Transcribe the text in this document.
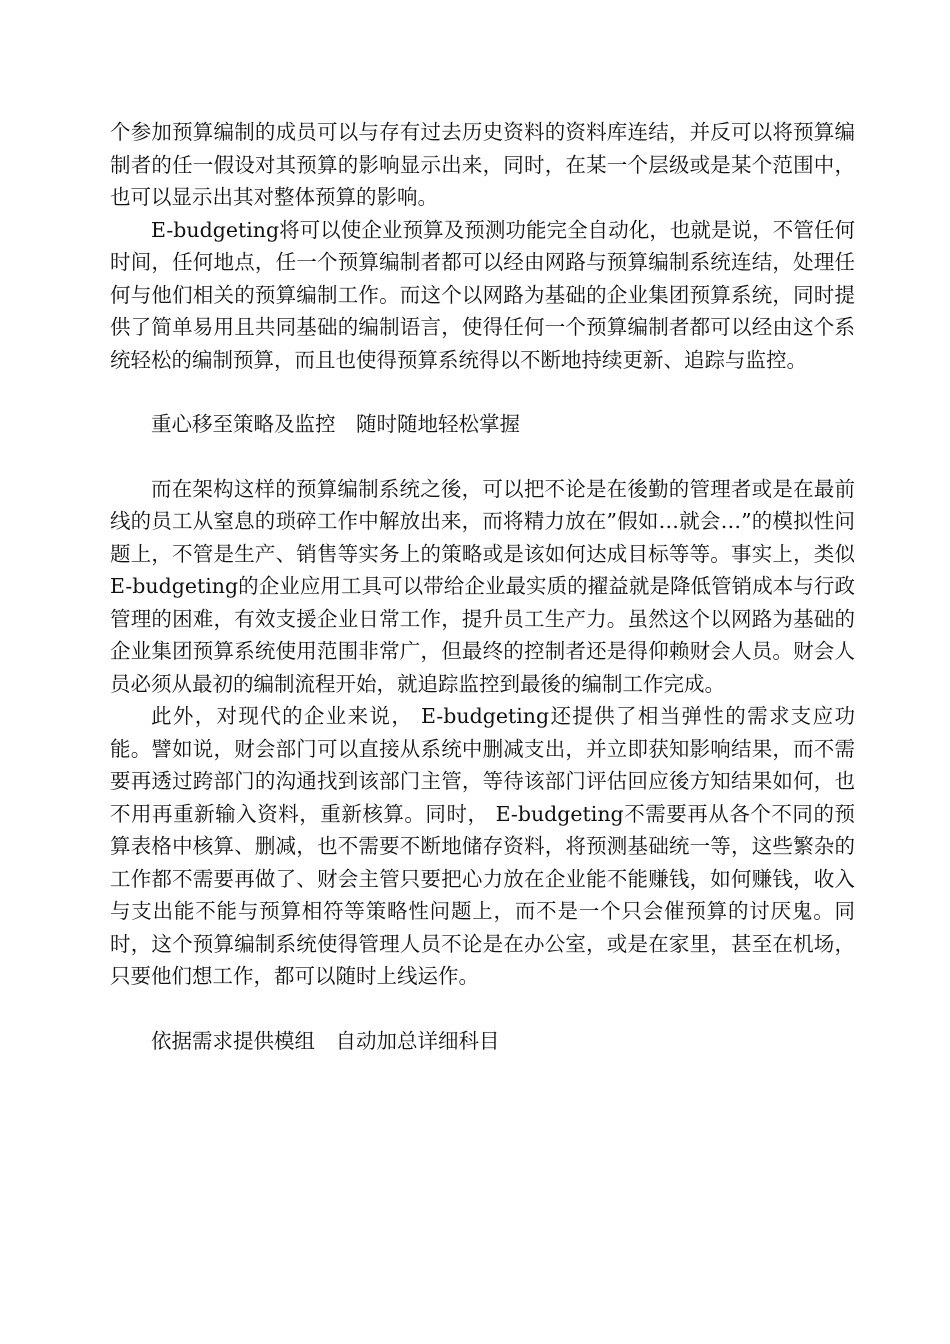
个参加预算编制的成员可以与存有过去历史资料的资料库连结，并反可以将预算编制者的任一假设对其预算的影响显示出来，同时，在某一个层级或是某个范围中，也可以显示出其对整体预算的影响。

E-budgeting将可以使企业预算及预测功能完全自动化，也就是说，不管任何时间，任何地点，任一个预算编制者都可以经由网路与预算编制系统连结，处理任何与他们相关的预算编制工作。而这个以网路为基础的企业集团预算系统，同时提供了简单易用且共同基础的编制语言，使得任何一个预算编制者都可以经由这个系统轻松的编制预算，而且也使得预算系统得以不断地持续更新、追踪与监控。

重心移至策略及监控　随时随地轻松掌握

而在架构这样的预算编制系统之後，可以把不论是在後勤的管理者或是在最前线的员工从窒息的琐碎工作中解放出来，而将精力放在”假如…就会…”的模拟性问题上，不管是生产、销售等实务上的策略或是该如何达成目标等等。事实上，类似E-budgeting的企业应用工具可以带给企业最实质的擢益就是降低管销成本与行政管理的困难，有效支援企业日常工作，提升员工生产力。虽然这个以网路为基础的企业集团预算系统使用范围非常广，但最终的控制者还是得仰赖财会人员。财会人员必须从最初的编制流程开始，就追踪监控到最後的编制工作完成。

此外，对现代的企业来说， E-budgeting还提供了相当弹性的需求支应功能。譬如说，财会部门可以直接从系统中删减支出，并立即获知影响结果，而不需要再透过跨部门的沟通找到该部门主管，等待该部门评估回应後方知结果如何，也不用再重新输入资料，重新核算。同时， E-budgeting不需要再从各个不同的预算表格中核算、删减，也不需要不断地储存资料，将预测基础统一等，这些繁杂的工作都不需要再做了、财会主管只要把心力放在企业能不能赚钱，如何赚钱，收入与支出能不能与预算相符等策略性问题上，而不是一个只会催预算的讨厌鬼。同时，这个预算编制系统使得管理人员不论是在办公室，或是在家里，甚至在机场，只要他们想工作，都可以随时上线运作。

依据需求提供模组　自动加总详细科目
